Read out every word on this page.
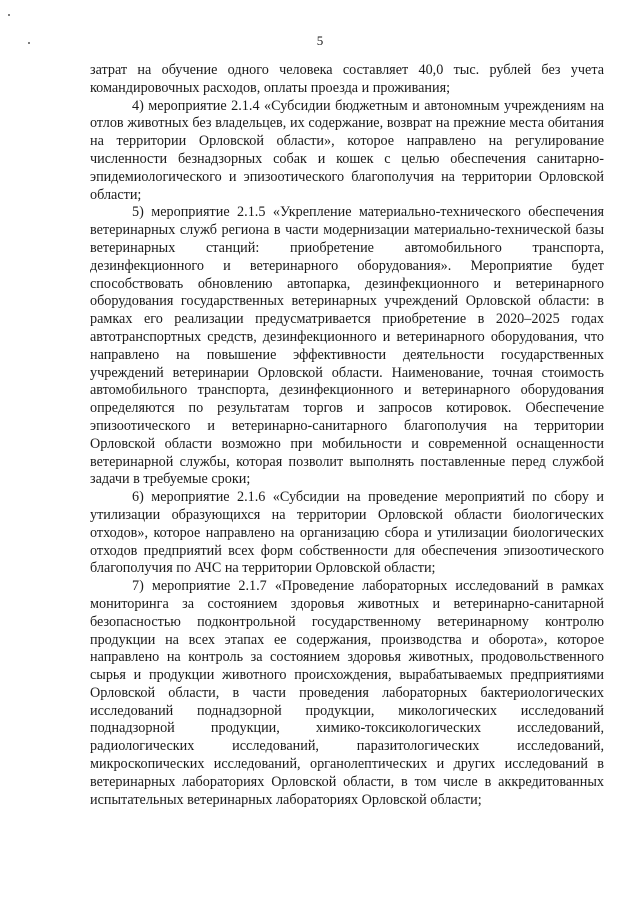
5

затрат на обучение одного человека составляет 40,0 тыс. рублей без учета командировочных расходов, оплаты проезда и проживания;

4) мероприятие 2.1.4 «Субсидии бюджетным и автономным учреждениям на отлов животных без владельцев, их содержание, возврат на прежние места обитания на территории Орловской области», которое направлено на регулирование численности безнадзорных собак и кошек с целью обеспечения санитарно-эпидемиологического и эпизоотического благополучия на территории Орловской области;

5) мероприятие 2.1.5 «Укрепление материально-технического обеспечения ветеринарных служб региона в части модернизации материально-технической базы ветеринарных станций: приобретение автомобильного транспорта, дезинфекционного и ветеринарного оборудования». Мероприятие будет способствовать обновлению автопарка, дезинфекционного и ветеринарного оборудования государственных ветеринарных учреждений Орловской области: в рамках его реализации предусматривается приобретение в 2020–2025 годах автотранспортных средств, дезинфекционного и ветеринарного оборудования, что направлено на повышение эффективности деятельности государственных учреждений ветеринарии Орловской области. Наименование, точная стоимость автомобильного транспорта, дезинфекционного и ветеринарного оборудования определяются по результатам торгов и запросов котировок. Обеспечение эпизоотического и ветеринарно-санитарного благополучия на территории Орловской области возможно при мобильности и современной оснащенности ветеринарной службы, которая позволит выполнять поставленные перед службой задачи в требуемые сроки;

6) мероприятие 2.1.6 «Субсидии на проведение мероприятий по сбору и утилизации образующихся на территории Орловской области биологических отходов», которое направлено на организацию сбора и утилизации биологических отходов предприятий всех форм собственности для обеспечения эпизоотического благополучия по АЧС на территории Орловской области;

7) мероприятие 2.1.7 «Проведение лабораторных исследований в рамках мониторинга за состоянием здоровья животных и ветеринарно-санитарной безопасностью подконтрольной государственному ветеринарному контролю продукции на всех этапах ее содержания, производства и оборота», которое направлено на контроль за состоянием здоровья животных, продовольственного сырья и продукции животного происхождения, вырабатываемых предприятиями Орловской области, в части проведения лабораторных бактериологических исследований поднадзорной продукции, микологических исследований поднадзорной продукции, химико-токсикологических исследований, радиологических исследований, паразитологических исследований, микроскопических исследований, органолептических и других исследований в ветеринарных лабораториях Орловской области, в том числе в аккредитованных испытательных ветеринарных лабораториях Орловской области;
